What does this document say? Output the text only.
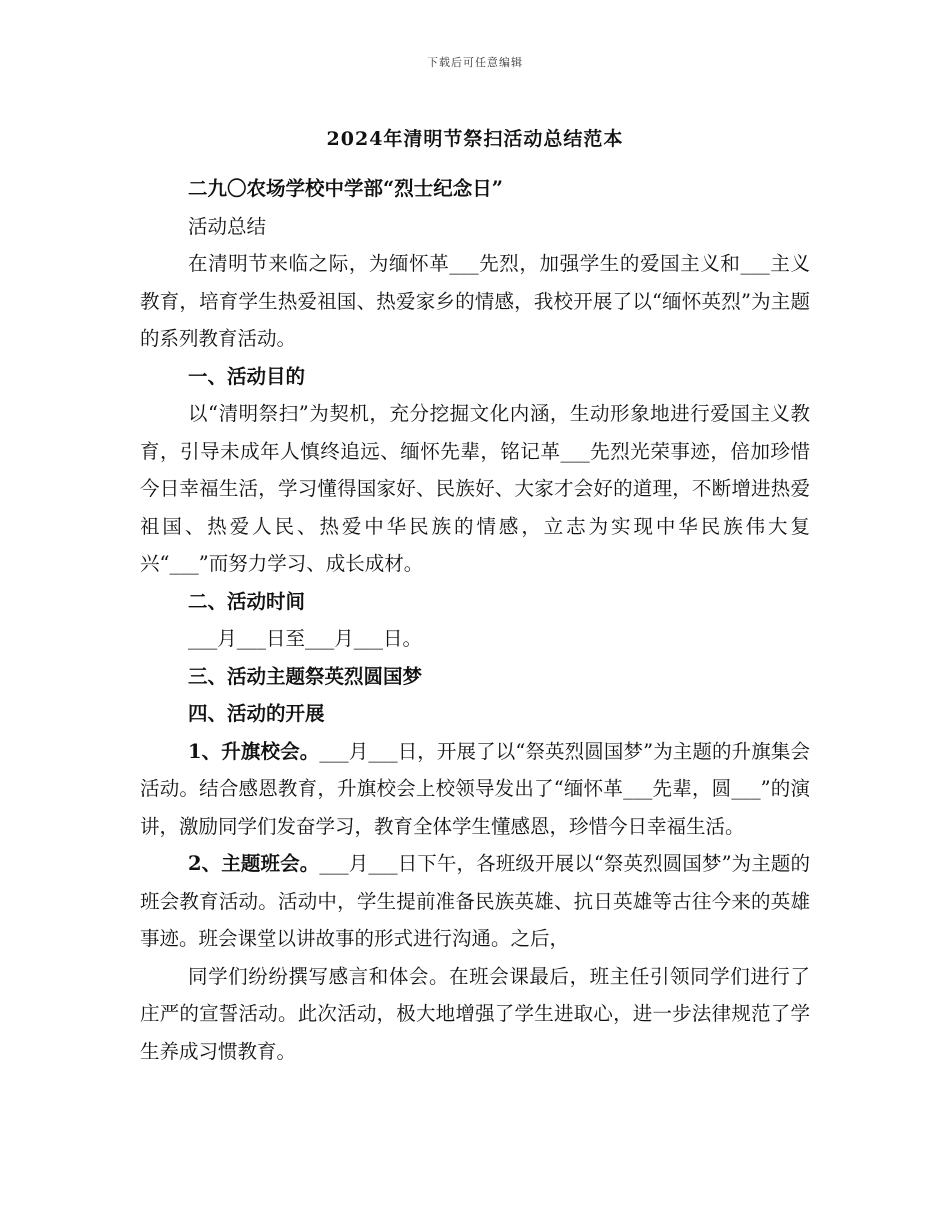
下载后可任意编辑
2024年清明节祭扫活动总结范本

二九〇农场学校中学部“烈士纪念日”

活动总结

在清明节来临之际，为缅怀革___先烈，加强学生的爱国主义和___主义教育，培育学生热爱祖国、热爱家乡的情感，我校开展了以“缅怀英烈”为主题的系列教育活动。

一、活动目的

以“清明祭扫”为契机，充分挖掘文化内涵，生动形象地进行爱国主义教育，引导未成年人慎终追远、缅怀先辈，铭记革___先烈光荣事迹，倍加珍惜今日幸福生活，学习懂得国家好、民族好、大家才会好的道理，不断增进热爱祖国、热爱人民、热爱中华民族的情感，立志为实现中华民族伟大复兴“___”而努力学习、成长成材。

二、活动时间

___月___日至___月___日。

三、活动主题祭英烈圆国梦

四、活动的开展

1、升旗校会。___月___日，开展了以“祭英烈圆国梦”为主题的升旗集会活动。结合感恩教育，升旗校会上校领导发出了“缅怀革___先辈，圆___”的演讲，激励同学们发奋学习，教育全体学生懂感恩，珍惜今日幸福生活。

2、主题班会。___月___日下午，各班级开展以“祭英烈圆国梦”为主题的班会教育活动。活动中，学生提前准备民族英雄、抗日英雄等古往今来的英雄事迹。班会课堂以讲故事的形式进行沟通。之后，

同学们纷纷撰写感言和体会。在班会课最后，班主任引领同学们进行了庄严的宣誓活动。此次活动，极大地增强了学生进取心，进一步法律规范了学生养成习惯教育。
